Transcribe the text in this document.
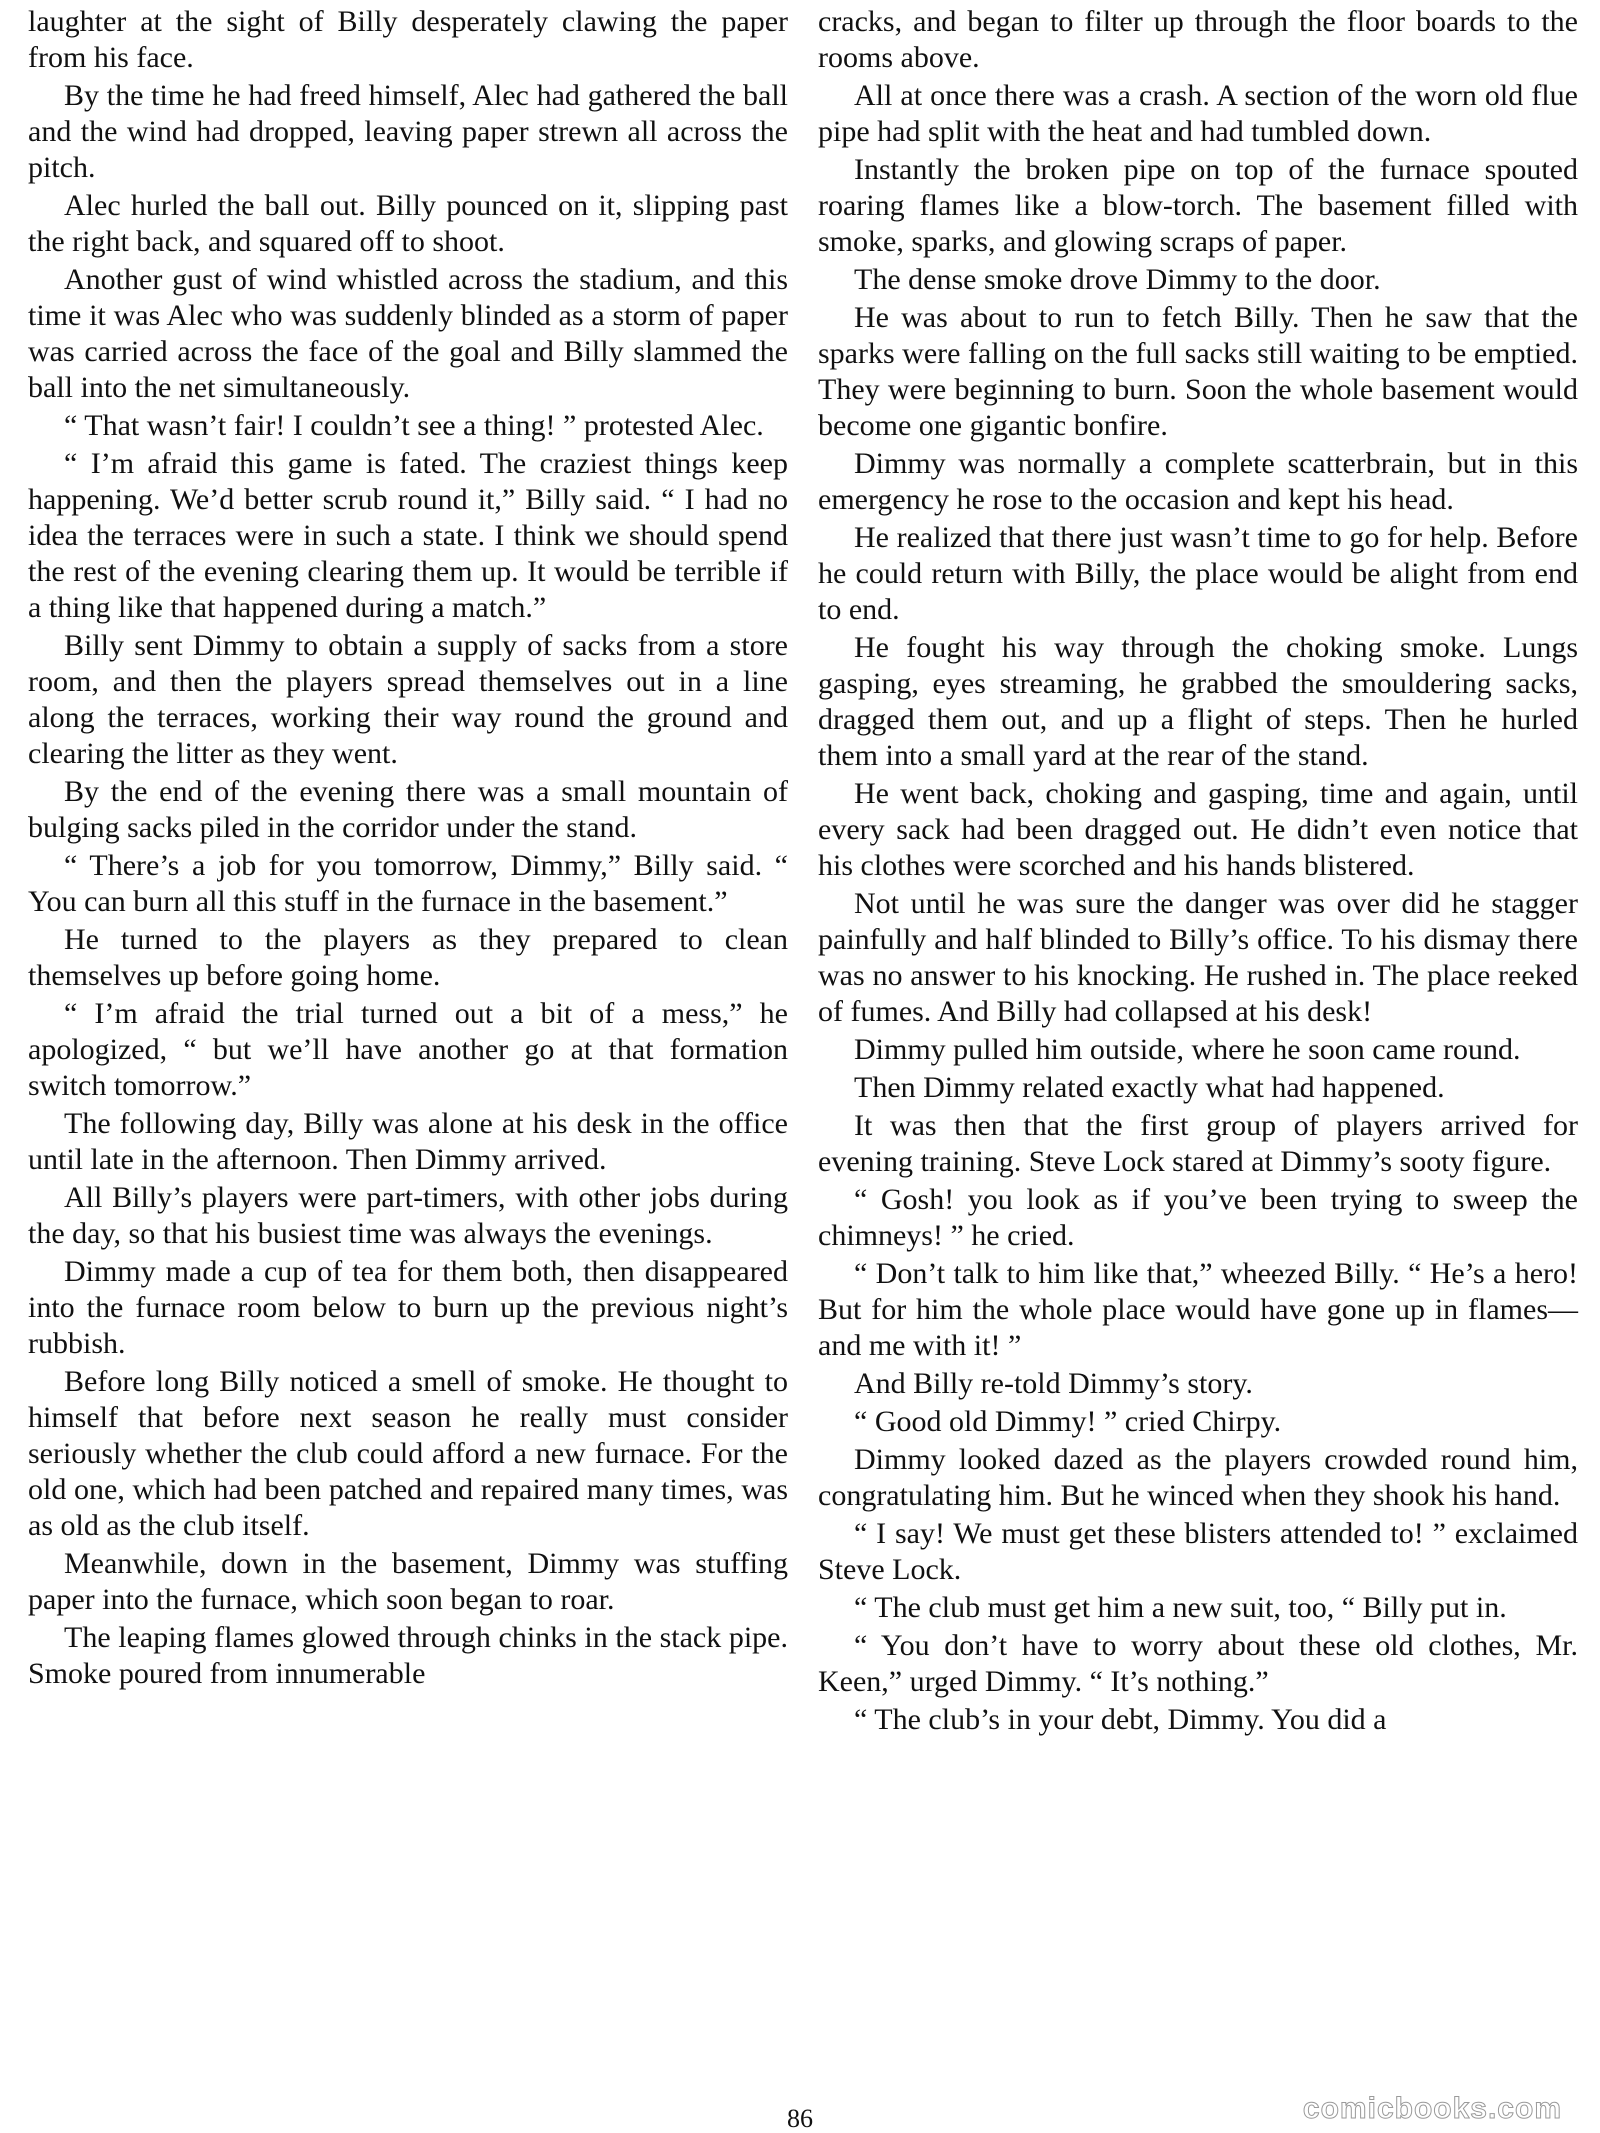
laughter at the sight of Billy desperately clawing the paper from his face.

By the time he had freed himself, Alec had gathered the ball and the wind had dropped, leaving paper strewn all across the pitch.

Alec hurled the ball out. Billy pounced on it, slipping past the right back, and squared off to shoot.

Another gust of wind whistled across the stadium, and this time it was Alec who was suddenly blinded as a storm of paper was carried across the face of the goal and Billy slammed the ball into the net simultaneously.

“ That wasn’t fair! I couldn’t see a thing! ” protested Alec.

“ I’m afraid this game is fated. The craziest things keep happening. We’d better scrub round it,” Billy said. “ I had no idea the terraces were in such a state. I think we should spend the rest of the evening clearing them up. It would be terrible if a thing like that happened during a match.”

Billy sent Dimmy to obtain a supply of sacks from a store room, and then the players spread themselves out in a line along the terraces, working their way round the ground and clearing the litter as they went.

By the end of the evening there was a small mountain of bulging sacks piled in the corridor under the stand.

“ There’s a job for you tomorrow, Dimmy,” Billy said. “ You can burn all this stuff in the furnace in the basement.”

He turned to the players as they prepared to clean themselves up before going home.

“ I’m afraid the trial turned out a bit of a mess,” he apologized, “ but we’ll have another go at that formation switch tomorrow.”

The following day, Billy was alone at his desk in the office until late in the afternoon. Then Dimmy arrived.

All Billy’s players were part-timers, with other jobs during the day, so that his busiest time was always the evenings.

Dimmy made a cup of tea for them both, then disappeared into the furnace room below to burn up the previous night’s rubbish.

Before long Billy noticed a smell of smoke. He thought to himself that before next season he really must consider seriously whether the club could afford a new furnace. For the old one, which had been patched and repaired many times, was as old as the club itself.

Meanwhile, down in the basement, Dimmy was stuffing paper into the furnace, which soon began to roar.

The leaping flames glowed through chinks in the stack pipe. Smoke poured from innumerable

cracks, and began to filter up through the floor boards to the rooms above.

All at once there was a crash. A section of the worn old flue pipe had split with the heat and had tumbled down.

Instantly the broken pipe on top of the furnace spouted roaring flames like a blow-torch. The basement filled with smoke, sparks, and glowing scraps of paper.

The dense smoke drove Dimmy to the door.

He was about to run to fetch Billy. Then he saw that the sparks were falling on the full sacks still waiting to be emptied. They were beginning to burn. Soon the whole basement would become one gigantic bonfire.

Dimmy was normally a complete scatterbrain, but in this emergency he rose to the occasion and kept his head.

He realized that there just wasn’t time to go for help. Before he could return with Billy, the place would be alight from end to end.

He fought his way through the choking smoke. Lungs gasping, eyes streaming, he grabbed the smouldering sacks, dragged them out, and up a flight of steps. Then he hurled them into a small yard at the rear of the stand.

He went back, choking and gasping, time and again, until every sack had been dragged out. He didn’t even notice that his clothes were scorched and his hands blistered.

Not until he was sure the danger was over did he stagger painfully and half blinded to Billy’s office. To his dismay there was no answer to his knocking. He rushed in. The place reeked of fumes. And Billy had collapsed at his desk!

Dimmy pulled him outside, where he soon came round.

Then Dimmy related exactly what had happened.

It was then that the first group of players arrived for evening training. Steve Lock stared at Dimmy’s sooty figure.

“ Gosh! you look as if you’ve been trying to sweep the chimneys! ” he cried.

“ Don’t talk to him like that,” wheezed Billy. “ He’s a hero! But for him the whole place would have gone up in flames—and me with it! ”

And Billy re-told Dimmy’s story.

“ Good old Dimmy! ” cried Chirpy.

Dimmy looked dazed as the players crowded round him, congratulating him. But he winced when they shook his hand.

“ I say! We must get these blisters attended to! ” exclaimed Steve Lock.

“ The club must get him a new suit, too, “ Billy put in.

“ You don’t have to worry about these old clothes, Mr. Keen,” urged Dimmy. “ It’s nothing.”

“ The club’s in your debt, Dimmy. You did a

86	comicbooks.com
